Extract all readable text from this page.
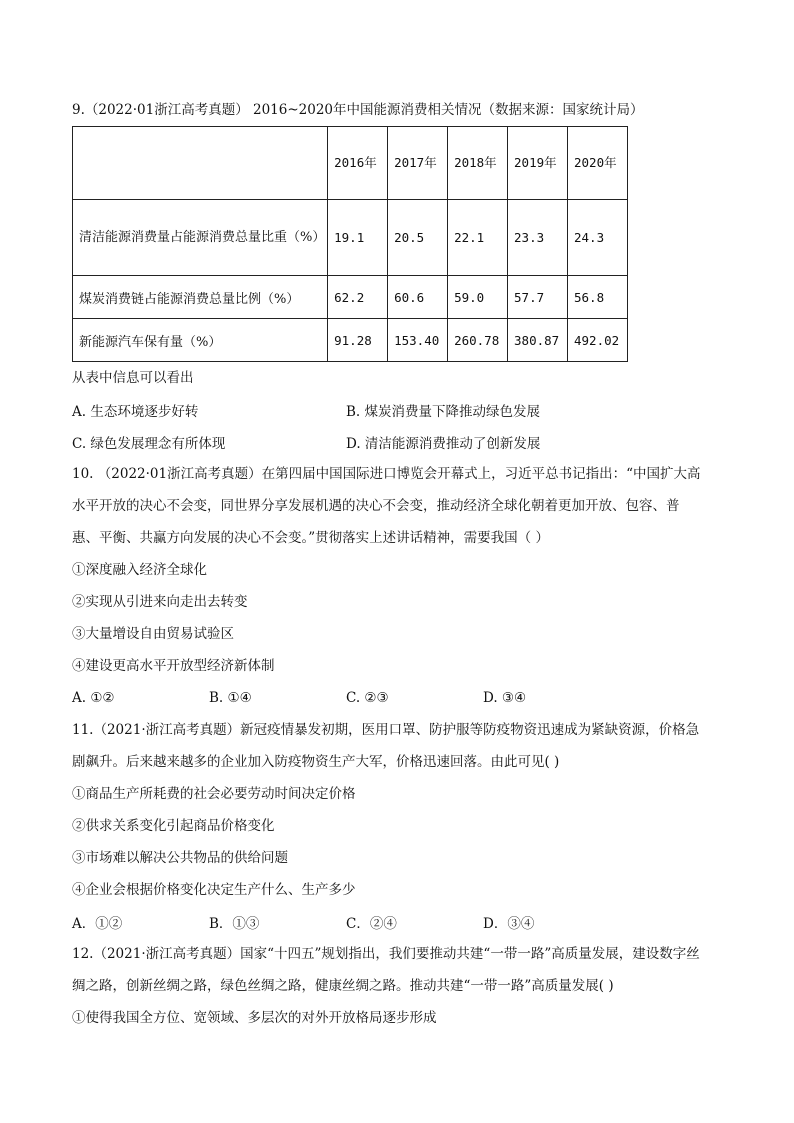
9.（2022·01浙江高考真题） 2016~2020年中国能源消费相关情况（数据来源：国家统计局）
	2016年	2017年	2018年	2019年	2020年
清洁能源消费量占能源消费总量比重（%）	19.1	20.5	22.1	23.3	24.3
煤炭消费链占能源消费总量比例（%）	62.2	60.6	59.0	57.7	56.8
新能源汽车保有量（%）	91.28	153.40	260.78	380.87	492.02
从表中信息可以看出
A. 生态环境逐步好转	B. 煤炭消费量下降推动绿色发展
C. 绿色发展理念有所体现	D. 清洁能源消费推动了创新发展
10. （2022·01浙江高考真题）在第四届中国国际进口博览会开幕式上，习近平总书记指出：“中国扩大高
水平开放的决心不会变，同世界分享发展机遇的决心不会变，推动经济全球化朝着更加开放、包容、普
惠、平衡、共赢方向发展的决心不会变。”贯彻落实上述讲话精神，需要我国（ ）
①深度融入经济全球化
②实现从引进来向走出去转变
③大量增设自由贸易试验区
④建设更高水平开放型经济新体制
A. ①②	B. ①④	C. ②③	D. ③④
11.（2021·浙江高考真题）新冠疫情暴发初期，医用口罩、防护服等防疫物资迅速成为紧缺资源，价格急
剧飙升。后来越来越多的企业加入防疫物资生产大军，价格迅速回落。由此可见( )
①商品生产所耗费的社会必要劳动时间决定价格
②供求关系变化引起商品价格变化
③市场难以解决公共物品的供给问题
④企业会根据价格变化决定生产什么、生产多少
A．①②	B．①③	C．②④	D．③④
12.（2021·浙江高考真题）国家“十四五”规划指出，我们要推动共建“一带一路”高质量发展，建设数字丝
绸之路，创新丝绸之路，绿色丝绸之路，健康丝绸之路。推动共建“一带一路”高质量发展( )
①使得我国全方位、宽领域、多层次的对外开放格局逐步形成
